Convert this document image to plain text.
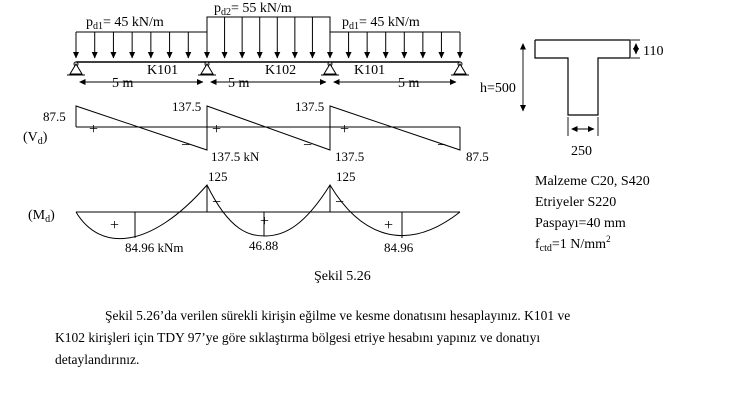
$p_{d1}= 45$ kN/m
$p_{d2}= 55$ kN/m
$p_{d1}= 45$ kN/m
K101	K102	K101
5 m	5 m	5 m
$(V_d)$
87.5
137.5
137.5 kN
137.5
137.5	87.5
+
−
+
−
+
−
$(M_d)$
125	125
84.96 kNm	46.88	84.96
+
−
+
−
+
110
h=500
250
Malzeme C20, S420
Etriyeler S220
Paspayı=40 mm
$f_{ctd}=1$ $N/mm^2$
Şekil 5.26
Şekil 5.26’da verilen sürekli kirişin eğilme ve kesme donatısını hesaplayınız. K101 ve
K102 kirişleri için TDY 97’ye göre sıklaştırma bölgesi etriye hesabını yapınız ve donatıyı
detaylandırınız.
